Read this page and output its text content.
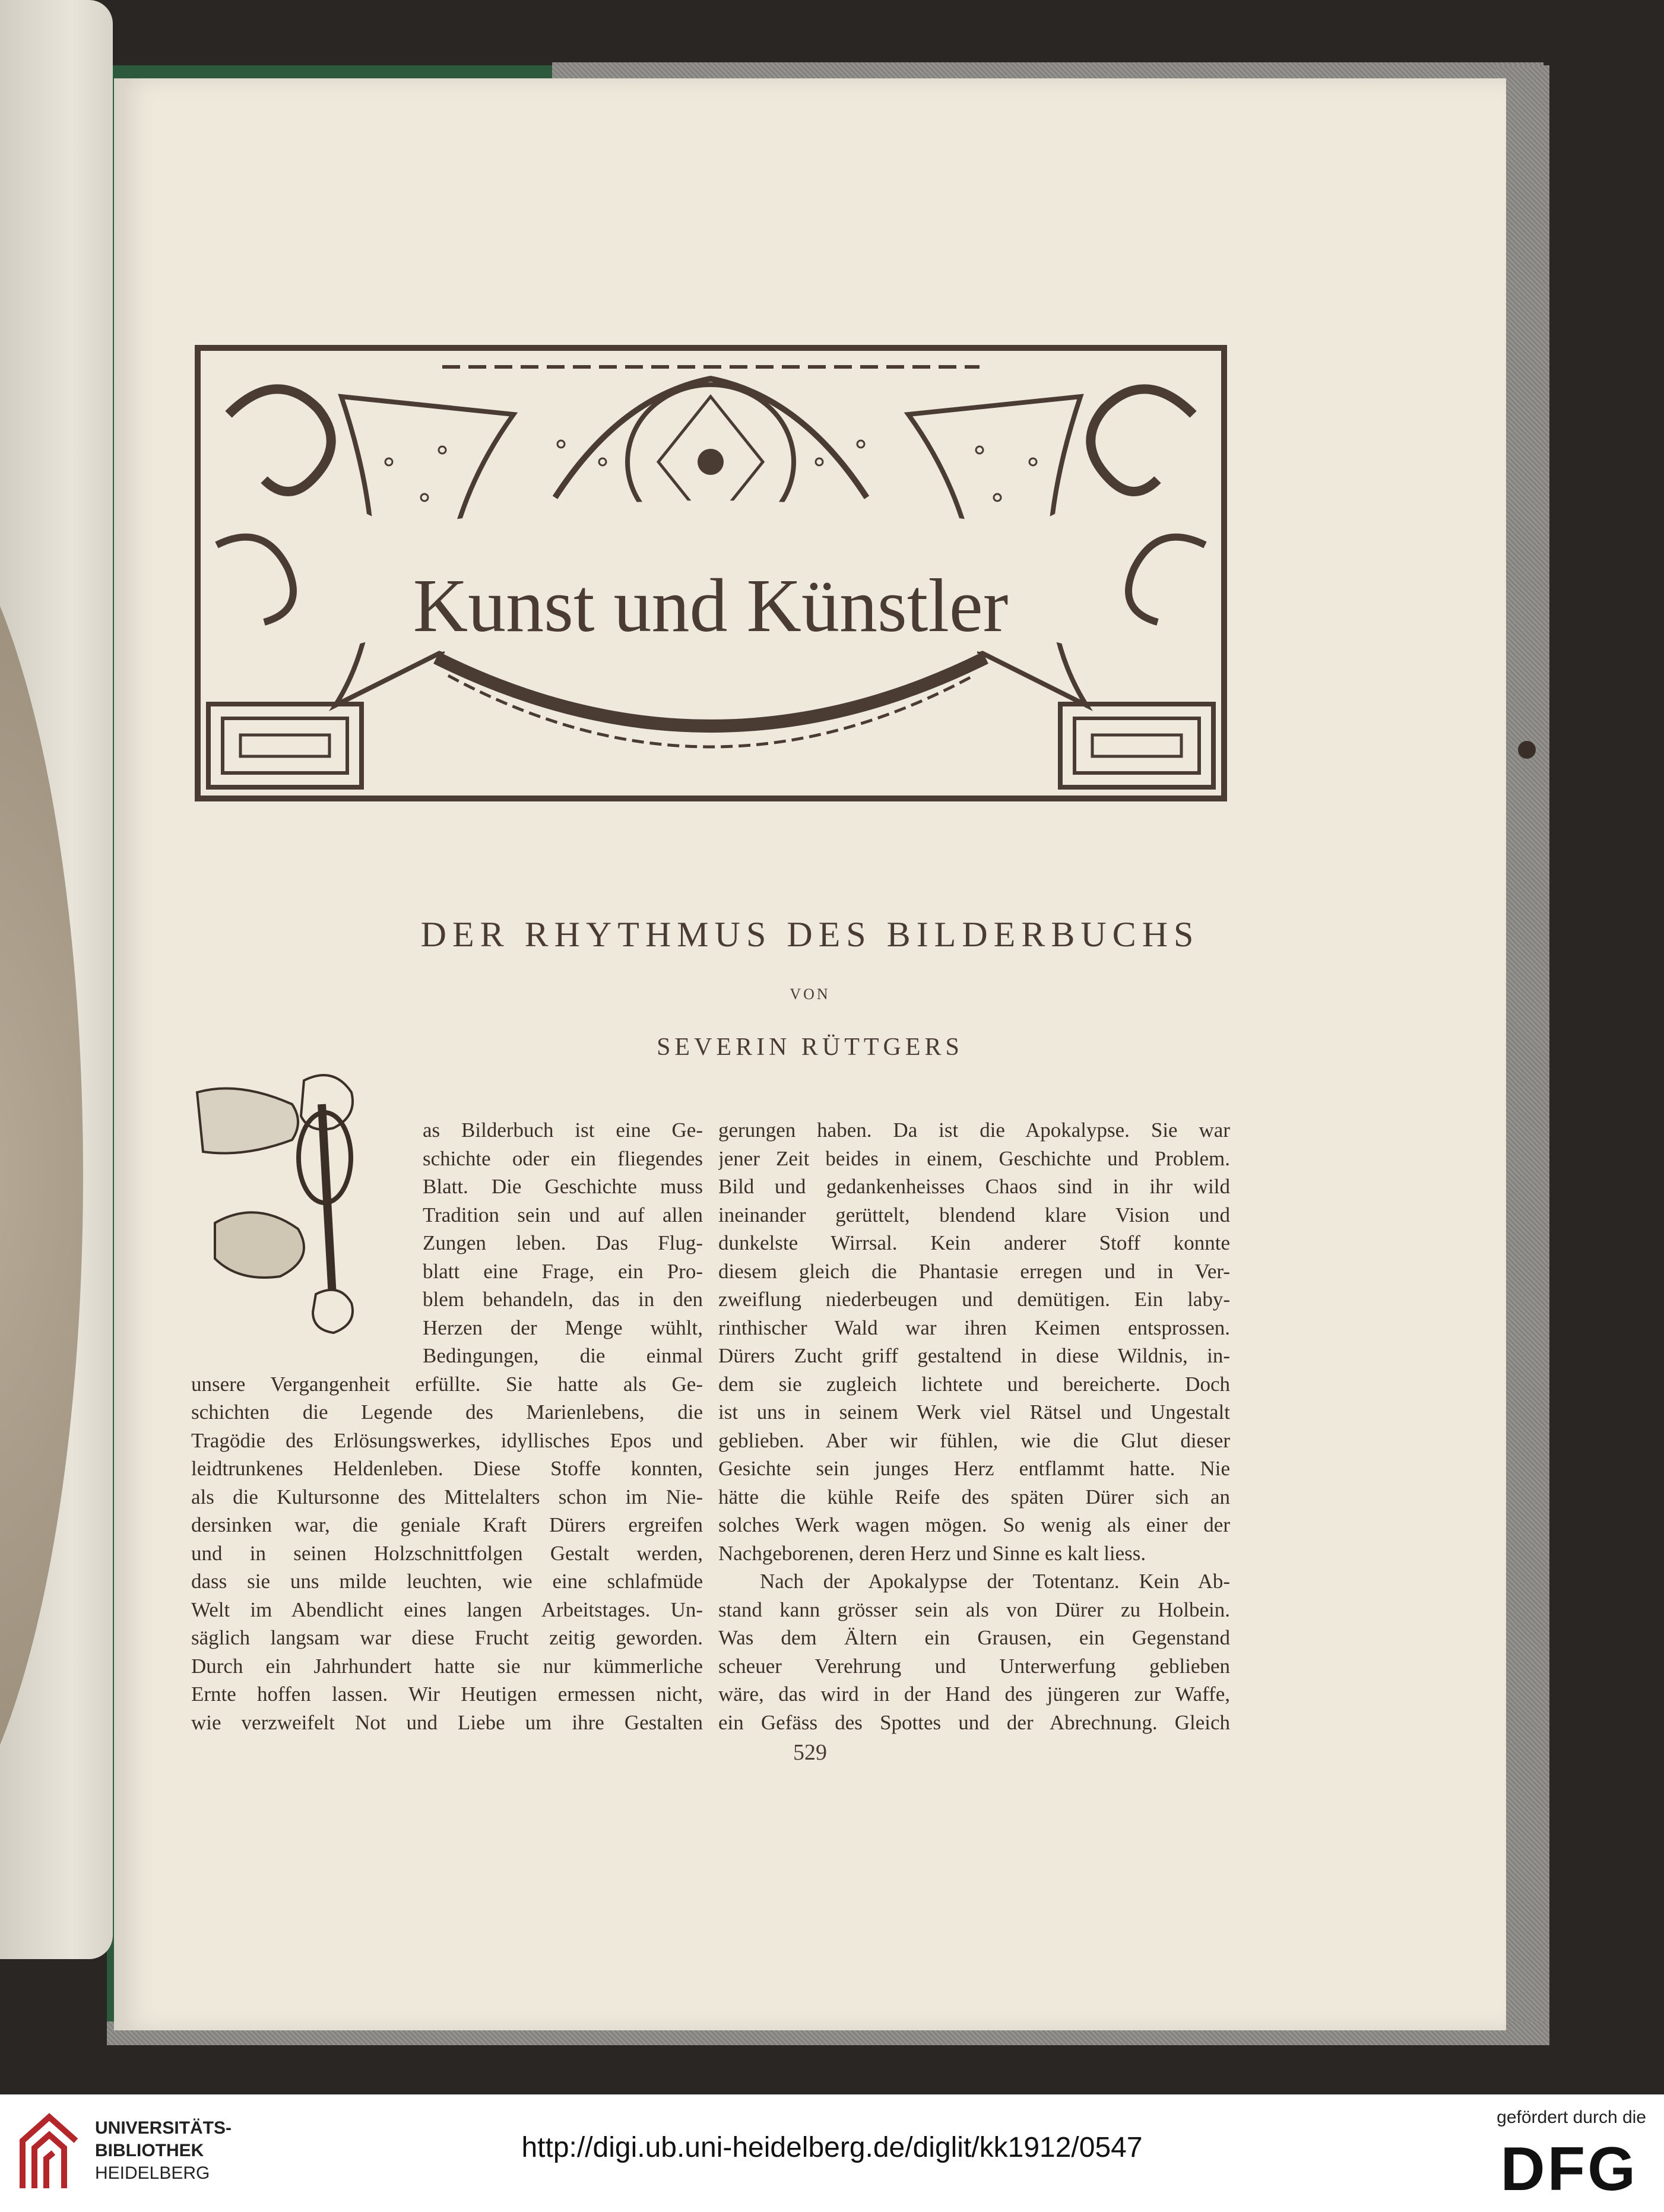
Kunst und Künstler
DER RHYTHMUS DES BILDERBUCHS
VON
SEVERIN RÜTTGERS
as Bilderbuch ist eine Ge-
schichte oder ein fliegendes
Blatt. Die Geschichte muss
Tradition sein und auf allen
Zungen leben. Das Flug-
blatt eine Frage, ein Pro-
blem behandeln, das in den
Herzen der Menge wühlt,
Bedingungen, die einmal
unsere Vergangenheit erfüllte. Sie hatte als Ge-
schichten die Legende des Marienlebens, die
Tragödie des Erlösungswerkes, idyllisches Epos und
leidtrunkenes Heldenleben. Diese Stoffe konnten,
als die Kultursonne des Mittelalters schon im Nie-
dersinken war, die geniale Kraft Dürers ergreifen
und in seinen Holzschnittfolgen Gestalt werden,
dass sie uns milde leuchten, wie eine schlafmüde
Welt im Abendlicht eines langen Arbeitstages. Un-
säglich langsam war diese Frucht zeitig geworden.
Durch ein Jahrhundert hatte sie nur kümmerliche
Ernte hoffen lassen. Wir Heutigen ermessen nicht,
wie verzweifelt Not und Liebe um ihre Gestalten
gerungen haben. Da ist die Apokalypse. Sie war
jener Zeit beides in einem, Geschichte und Problem.
Bild und gedankenheisses Chaos sind in ihr wild
ineinander gerüttelt, blendend klare Vision und
dunkelste Wirrsal. Kein anderer Stoff konnte
diesem gleich die Phantasie erregen und in Ver-
zweiflung niederbeugen und demütigen. Ein laby-
rinthischer Wald war ihren Keimen entsprossen.
Dürers Zucht griff gestaltend in diese Wildnis, in-
dem sie zugleich lichtete und bereicherte. Doch
ist uns in seinem Werk viel Rätsel und Ungestalt
geblieben. Aber wir fühlen, wie die Glut dieser
Gesichte sein junges Herz entflammt hatte. Nie
hätte die kühle Reife des späten Dürer sich an
solches Werk wagen mögen. So wenig als einer der
Nachgeborenen, deren Herz und Sinne es kalt liess.
Nach der Apokalypse der Totentanz. Kein Ab-
stand kann grösser sein als von Dürer zu Holbein.
Was dem Ältern ein Grausen, ein Gegenstand
scheuer Verehrung und Unterwerfung geblieben
wäre, das wird in der Hand des jüngeren zur Waffe,
ein Gefäss des Spottes und der Abrechnung. Gleich
529
UNIVERSITÄTS-
BIBLIOTHEK
HEIDELBERG
http://digi.ub.uni-heidelberg.de/diglit/kk1912/0547
gefördert durch die
DFG
